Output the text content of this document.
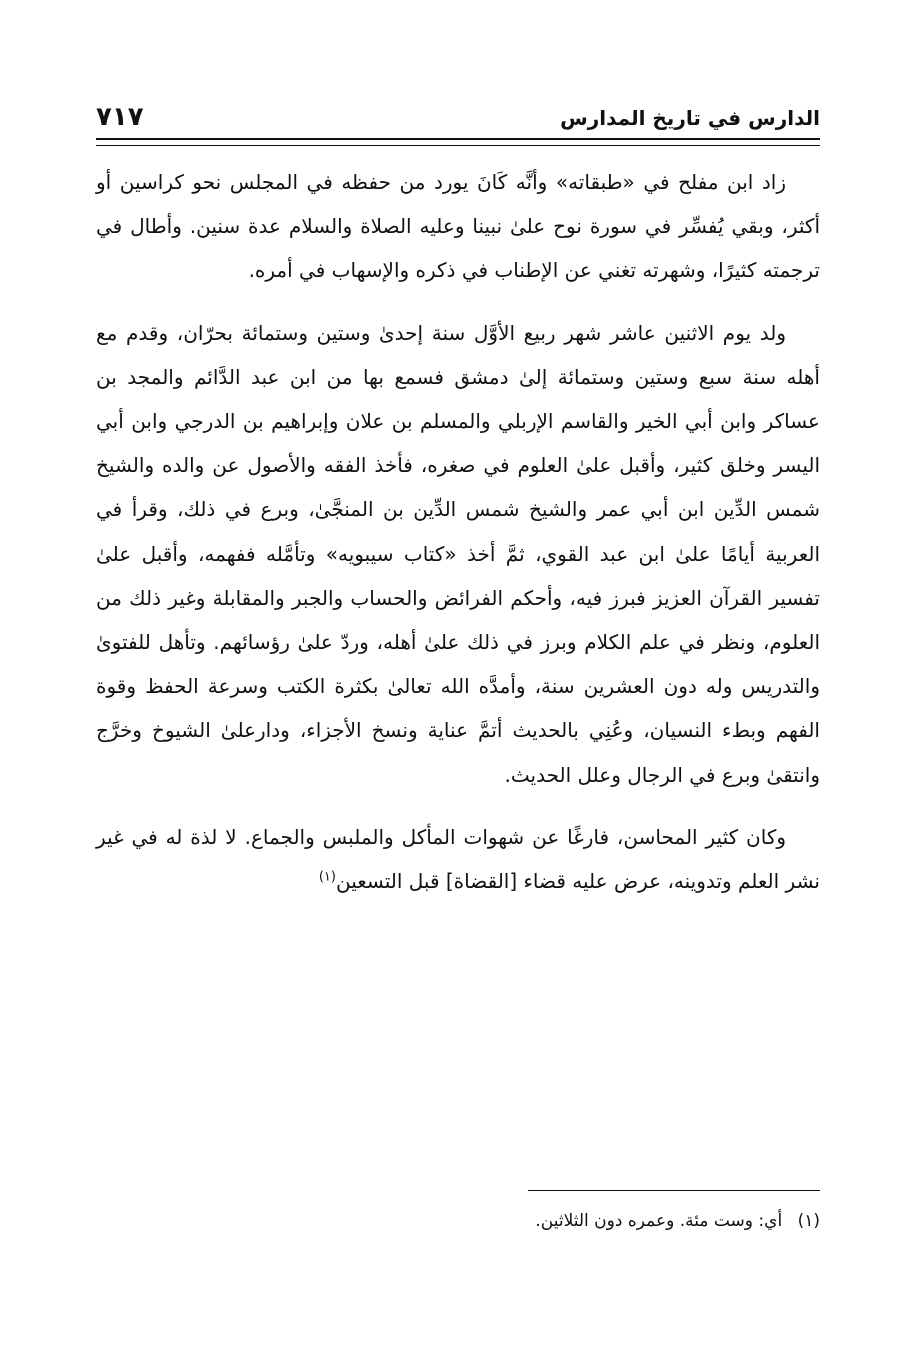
الدارس في تاريخ المدارس
٧١٧

زاد ابن مفلح في «طبقاته» وأنَّه كَانَ يورد من حفظه في المجلس نحو كراسين أو أكثر، وبقي يُفسِّر في سورة نوح علىٰ نبينا وعليه الصلاة والسلام عدة سنين. وأطال في ترجمته كثيرًا، وشهرته تغني عن الإطناب في ذكره والإسهاب في أمره.

ولد يوم الاثنين عاشر شهر ربيع الأوَّل سنة إحدىٰ وستين وستمائة بحرّان، وقدم مع أهله سنة سبع وستين وستمائة إلىٰ دمشق فسمع بها من ابن عبد الدَّائم والمجد بن عساكر وابن أبي الخير والقاسم الإربلي والمسلم بن علان وإبراهيم بن الدرجي وابن أبي اليسر وخلق كثير، وأقبل علىٰ العلوم في صغره، فأخذ الفقه والأصول عن والده والشيخ شمس الدِّين ابن أبي عمر والشيخ شمس الدِّين بن المنجَّىٰ، وبرع في ذلك، وقرأ في العربية أيامًا علىٰ ابن عبد القوي، ثمَّ أخذ «كتاب سيبويه» وتأمَّله ففهمه، وأقبل علىٰ تفسير القرآن العزيز فبرز فيه، وأحكم الفرائض والحساب والجبر والمقابلة وغير ذلك من العلوم، ونظر في علم الكلام وبرز في ذلك علىٰ أهله، وردّ علىٰ رؤسائهم. وتأهل للفتوىٰ والتدريس وله دون العشرين سنة، وأمدَّه الله تعالىٰ بكثرة الكتب وسرعة الحفظ وقوة الفهم وبطء النسيان، وعُنِي بالحديث أتمَّ عناية ونسخ الأجزاء، ودارعلىٰ الشيوخ وخرَّج وانتقىٰ وبرع في الرجال وعلل الحديث.

وكان كثير المحاسن، فارغًا عن شهوات المأكل والملبس والجماع. لا لذة له في غير نشر العلم وتدوينه، عرض عليه قضاء [القضاة] قبل التسعين$^{(١)}$

(١) أي: وست مئة. وعمره دون الثلاثين.
